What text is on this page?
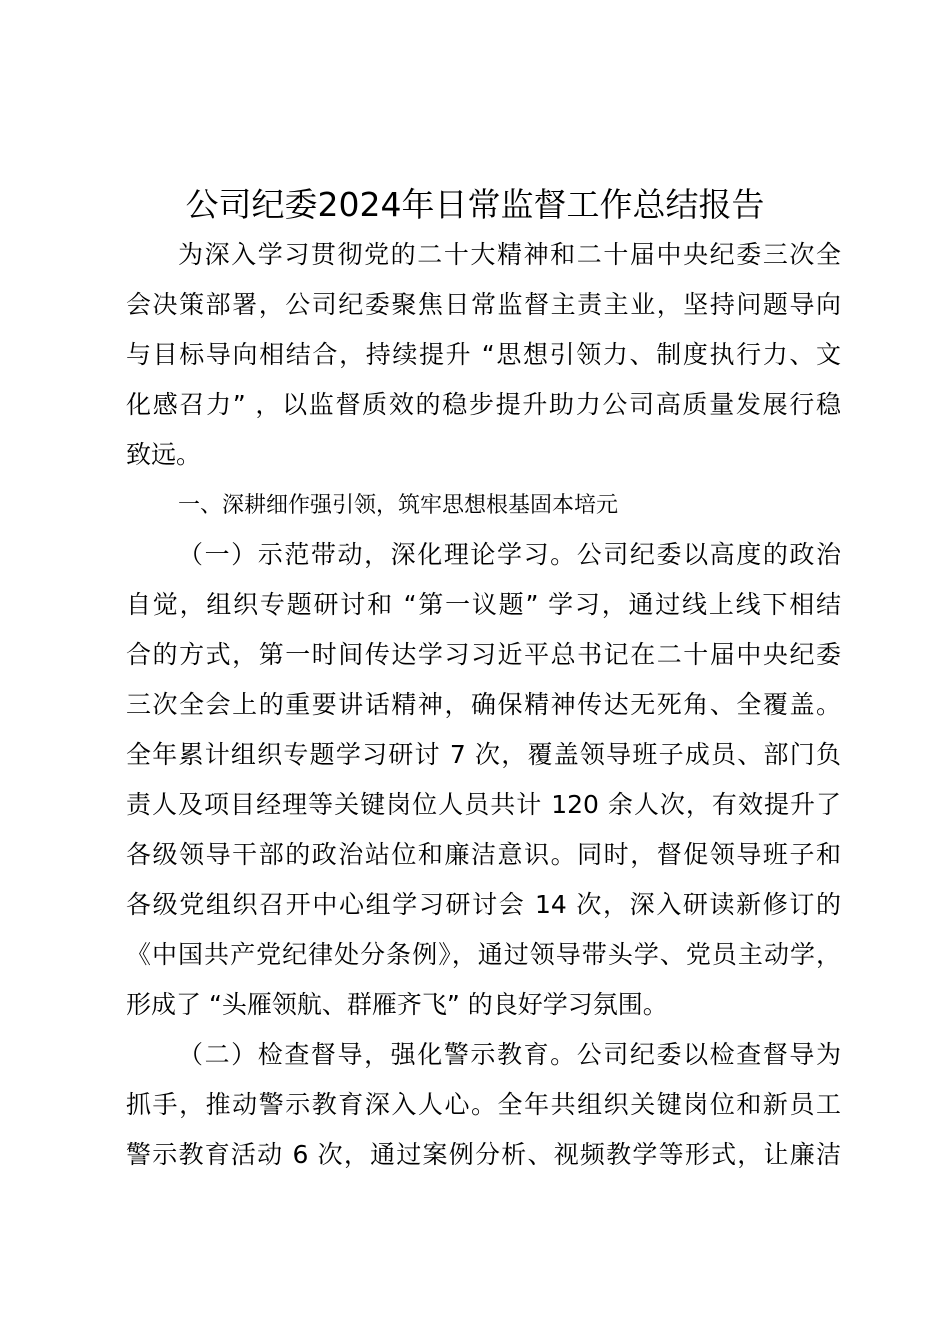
公司纪委2024年日常监督工作总结报告

为深入学习贯彻党的二十大精神和二十届中央纪委三次全

会决策部署，公司纪委聚焦日常监督主责主业，坚持问题导向

与目标导向相结合，持续提升 “思想引领力、制度执行力、文

化感召力” ，以监督质效的稳步提升助力公司高质量发展行稳

致远。

一、深耕细作强引领，筑牢思想根基固本培元

（一）示范带动，深化理论学习。公司纪委以高度的政治

自觉，组织专题研讨和 “第一议题” 学习，通过线上线下相结

合的方式，第一时间传达学习习近平总书记在二十届中央纪委

三次全会上的重要讲话精神，确保精神传达无死角、全覆盖。

全年累计组织专题学习研讨 7 次，覆盖领导班子成员、部门负

责人及项目经理等关键岗位人员共计 120 余人次，有效提升了

各级领导干部的政治站位和廉洁意识。同时，督促领导班子和

各级党组织召开中心组学习研讨会 14 次，深入研读新修订的

《中国共产党纪律处分条例》，通过领导带头学、党员主动学，

形成了 “头雁领航、群雁齐飞” 的良好学习氛围。

（二）检查督导，强化警示教育。公司纪委以检查督导为

抓手，推动警示教育深入人心。全年共组织关键岗位和新员工

警示教育活动 6 次，通过案例分析、视频教学等形式，让廉洁
